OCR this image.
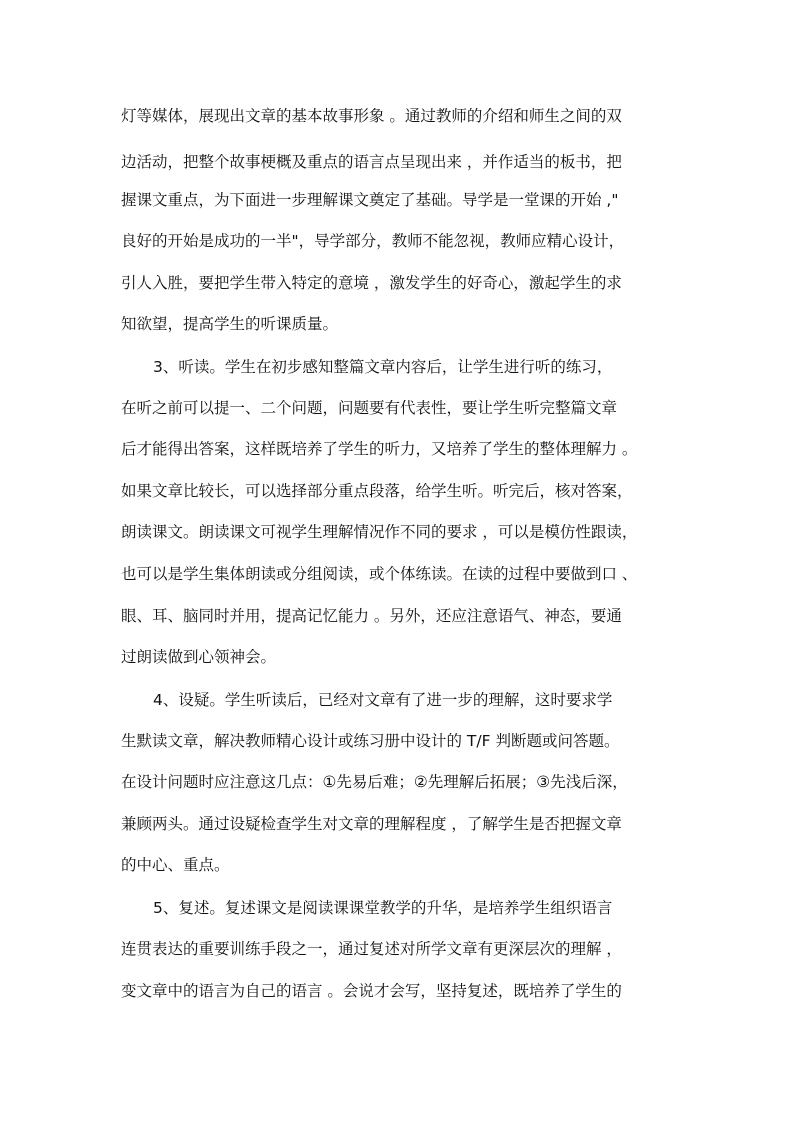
灯等媒体，展现出文章的基本故事形象 。通过教师的介绍和师生之间的双
边活动，把整个故事梗概及重点的语言点呈现出来 ，并作适当的板书，把
握课文重点，为下面进一步理解课文奠定了基础。导学是一堂课的开始 ,"
良好的开始是成功的一半"，导学部分，教师不能忽视，教师应精心设计，
引人入胜，要把学生带入特定的意境 ，激发学生的好奇心，激起学生的求
知欲望，提高学生的听课质量。
3、听读。学生在初步感知整篇文章内容后，让学生进行听的练习，
在听之前可以提一、二个问题，问题要有代表性，要让学生听完整篇文章
后才能得出答案，这样既培养了学生的听力，又培养了学生的整体理解力 。
如果文章比较长，可以选择部分重点段落，给学生听。听完后，核对答案，
朗读课文。朗读课文可视学生理解情况作不同的要求 ，可以是模仿性跟读，
也可以是学生集体朗读或分组阅读，或个体练读。在读的过程中要做到口 、
眼、耳、脑同时并用，提高记忆能力 。另外，还应注意语气、神态，要通
过朗读做到心领神会。
4、设疑。学生听读后，已经对文章有了进一步的理解，这时要求学
生默读文章，解决教师精心设计或练习册中设计的 T/F 判断题或问答题。
在设计问题时应注意这几点：①先易后难；②先理解后拓展；③先浅后深，
兼顾两头。通过设疑检查学生对文章的理解程度 ，了解学生是否把握文章
的中心、重点。
5、复述。复述课文是阅读课课堂教学的升华，是培养学生组织语言
连贯表达的重要训练手段之一，通过复述对所学文章有更深层次的理解 ，
变文章中的语言为自己的语言 。会说才会写，坚持复述，既培养了学生的
